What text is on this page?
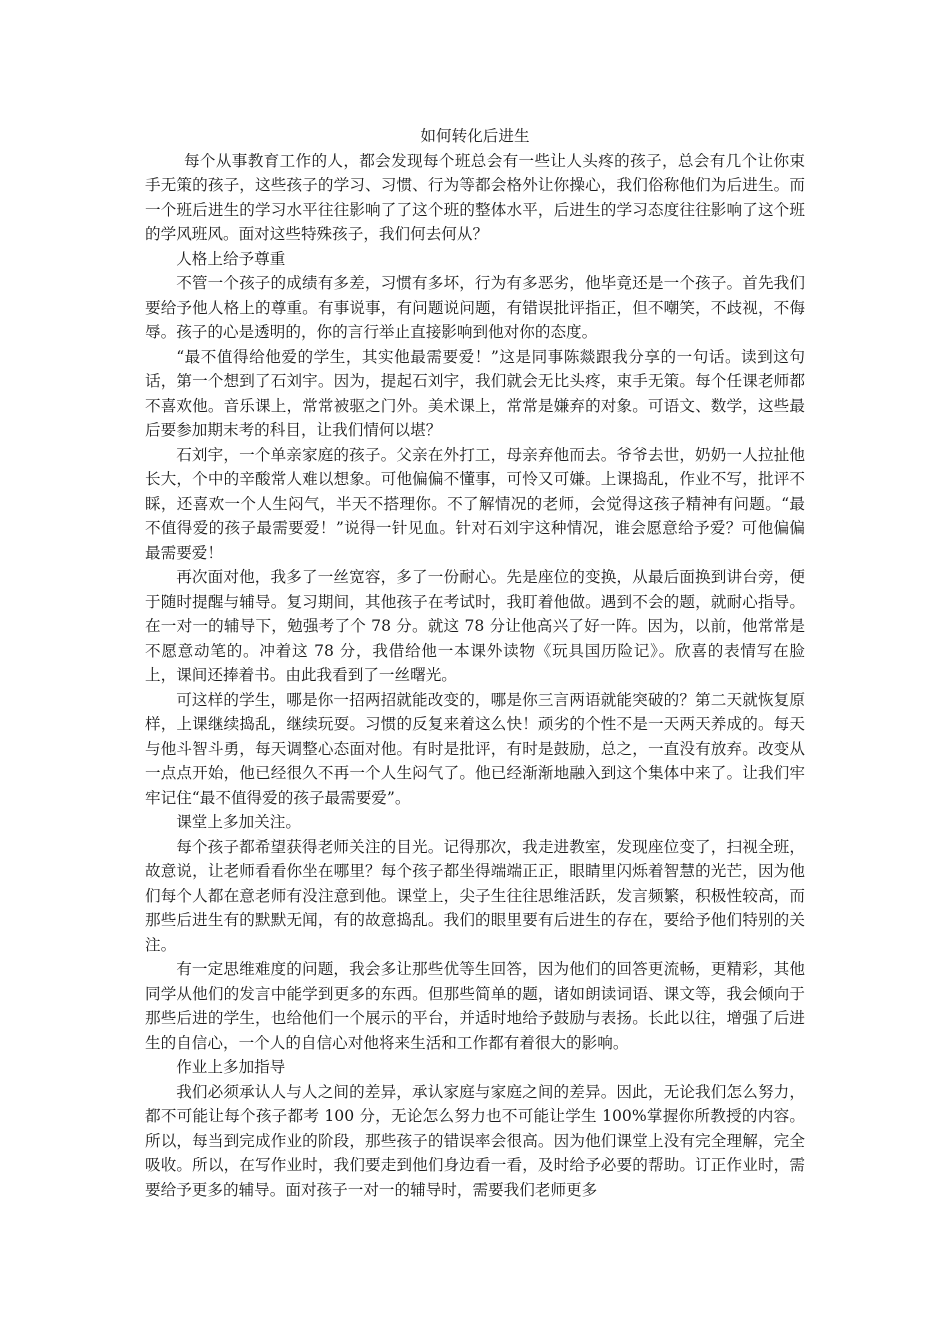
如何转化后进生

每个从事教育工作的人，都会发现每个班总会有一些让人头疼的孩子，总会有几个让你束手无策的孩子，这些孩子的学习、习惯、行为等都会格外让你操心，我们俗称他们为后进生。而一个班后进生的学习水平往往影响了了这个班的整体水平，后进生的学习态度往往影响了这个班的学风班风。面对这些特殊孩子，我们何去何从？

人格上给予尊重

不管一个孩子的成绩有多差，习惯有多坏，行为有多恶劣，他毕竟还是一个孩子。首先我们要给予他人格上的尊重。有事说事，有问题说问题，有错误批评指正，但不嘲笑，不歧视，不侮辱。孩子的心是透明的，你的言行举止直接影响到他对你的态度。

“最不值得给他爱的学生，其实他最需要爱！”这是同事陈燚跟我分享的一句话。读到这句话，第一个想到了石刘宇。因为，提起石刘宇，我们就会无比头疼，束手无策。每个任课老师都不喜欢他。音乐课上，常常被驱之门外。美术课上，常常是嫌弃的对象。可语文、数学，这些最后要参加期末考的科目，让我们情何以堪？

石刘宇，一个单亲家庭的孩子。父亲在外打工，母亲弃他而去。爷爷去世，奶奶一人拉扯他长大，个中的辛酸常人难以想象。可他偏偏不懂事，可怜又可嫌。上课捣乱，作业不写，批评不睬，还喜欢一个人生闷气，半天不搭理你。不了解情况的老师，会觉得这孩子精神有问题。“最不值得爱的孩子最需要爱！”说得一针见血。针对石刘宇这种情况，谁会愿意给予爱？可他偏偏最需要爱！

再次面对他，我多了一丝宽容，多了一份耐心。先是座位的变换，从最后面换到讲台旁，便于随时提醒与辅导。复习期间，其他孩子在考试时，我盯着他做。遇到不会的题，就耐心指导。在一对一的辅导下，勉强考了个 78 分。就这 78 分让他高兴了好一阵。因为，以前，他常常是不愿意动笔的。冲着这 78 分，我借给他一本课外读物《玩具国历险记》。欣喜的表情写在脸上，课间还捧着书。由此我看到了一丝曙光。

可这样的学生，哪是你一招两招就能改变的，哪是你三言两语就能突破的？第二天就恢复原样，上课继续捣乱，继续玩耍。习惯的反复来着这么快！顽劣的个性不是一天两天养成的。每天与他斗智斗勇，每天调整心态面对他。有时是批评，有时是鼓励，总之，一直没有放弃。改变从一点点开始，他已经很久不再一个人生闷气了。他已经渐渐地融入到这个集体中来了。让我们牢牢记住“最不值得爱的孩子最需要爱”。

课堂上多加关注。

每个孩子都希望获得老师关注的目光。记得那次，我走进教室，发现座位变了，扫视全班，故意说，让老师看看你坐在哪里？每个孩子都坐得端端正正，眼睛里闪烁着智慧的光芒，因为他们每个人都在意老师有没注意到他。课堂上，尖子生往往思维活跃，发言频繁，积极性较高，而那些后进生有的默默无闻，有的故意捣乱。我们的眼里要有后进生的存在，要给予他们特别的关注。

有一定思维难度的问题，我会多让那些优等生回答，因为他们的回答更流畅，更精彩，其他同学从他们的发言中能学到更多的东西。但那些简单的题，诸如朗读词语、课文等，我会倾向于那些后进的学生，也给他们一个展示的平台，并适时地给予鼓励与表扬。长此以往，增强了后进生的自信心，一个人的自信心对他将来生活和工作都有着很大的影响。

作业上多加指导

我们必须承认人与人之间的差异，承认家庭与家庭之间的差异。因此，无论我们怎么努力，都不可能让每个孩子都考 100 分，无论怎么努力也不可能让学生 100%掌握你所教授的内容。所以，每当到完成作业的阶段，那些孩子的错误率会很高。因为他们课堂上没有完全理解，完全吸收。所以，在写作业时，我们要走到他们身边看一看，及时给予必要的帮助。订正作业时，需要给予更多的辅导。面对孩子一对一的辅导时，需要我们老师更多
